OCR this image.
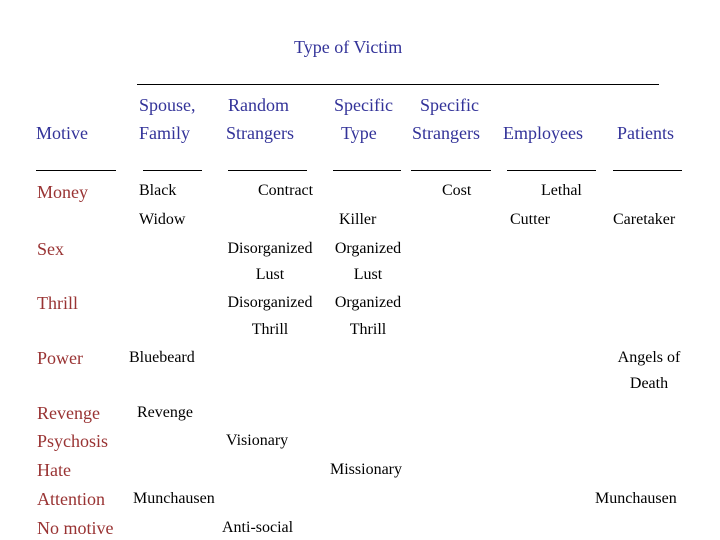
Type of Victim
Motive
Spouse,
Family
Random
Strangers
Specific
Type
Specific
Strangers Employees Patients
Money
Sex
Thrill
Power
Revenge
Psychosis
Hate
Attention
No motive
Black
Widow
Contract
Killer
Cost
Cutter
Lethal
Caretaker
Disorganized
Lust
Organized
Lust
Disorganized
Thrill
Organized
Thrill
Bluebeard	Angels of
Death
Revenge
Visionary
Missionary
Munchausen	Munchausen
Anti-social
